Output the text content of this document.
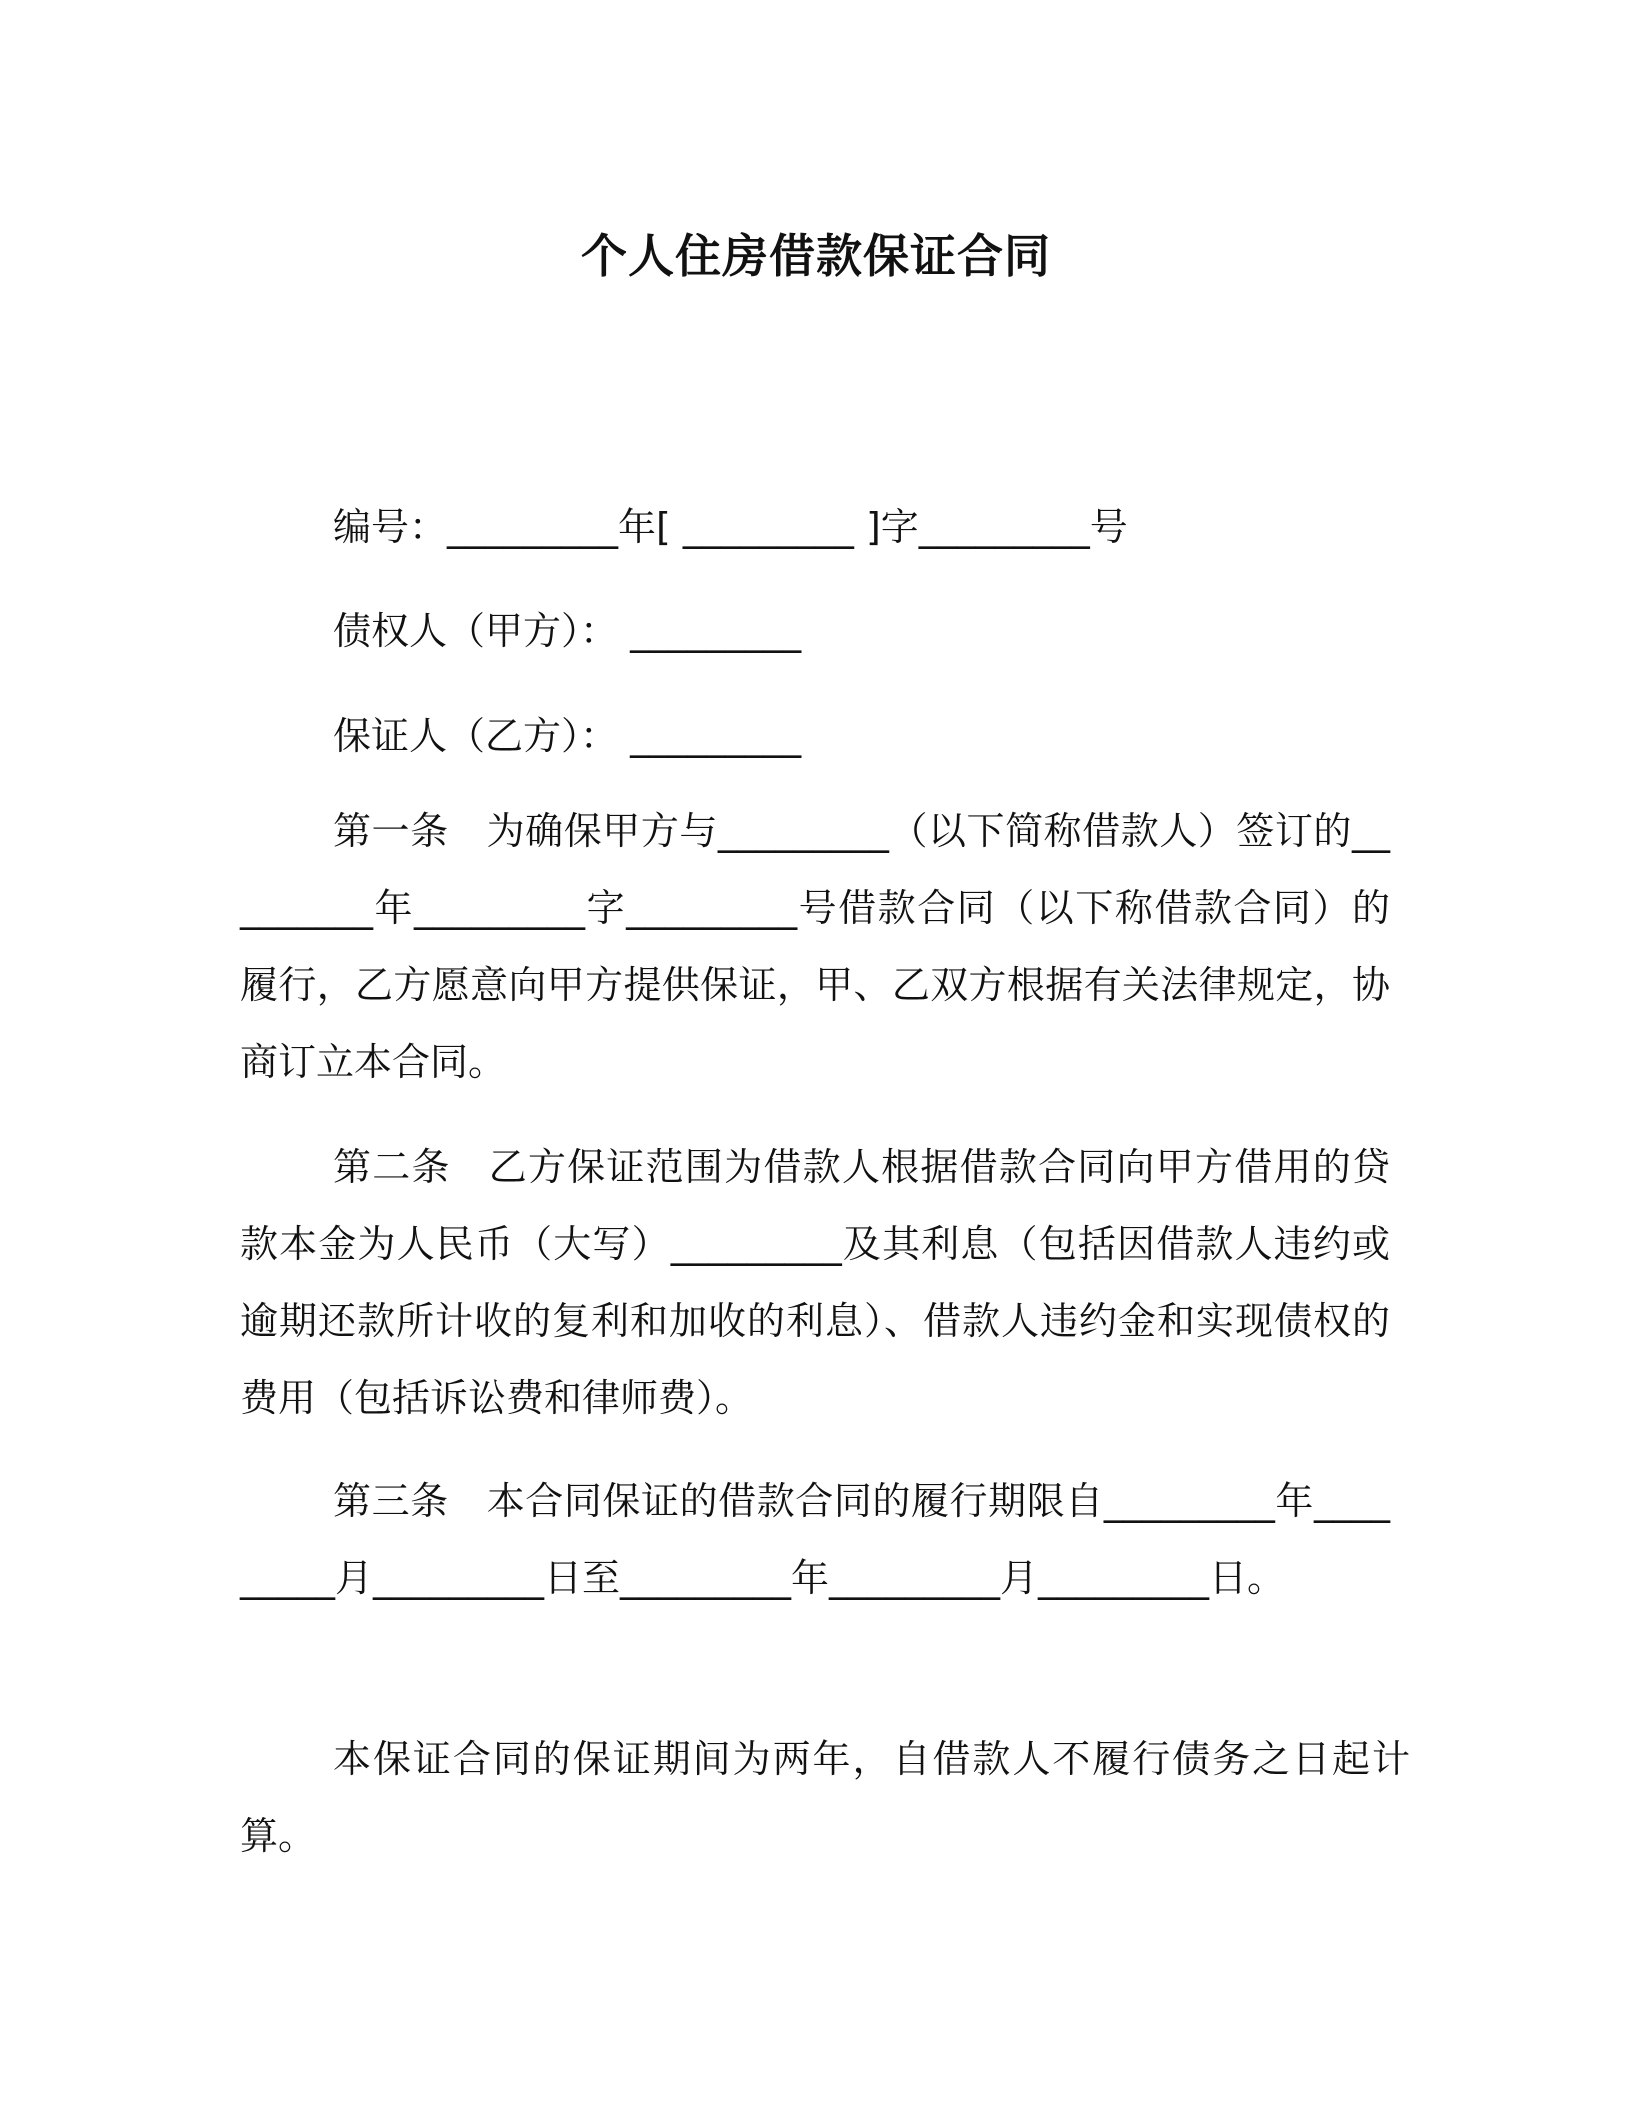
个人住房借款保证合同
编号：_________年[ _________ ]字_________号
债权人（甲方）： _________
保证人（乙方）： _________
第一条 为确保甲方与_________（以下简称借款人）签订的_________年_________字_________号借款合同（以下称借款合同）的履行，乙方愿意向甲方提供保证，甲、乙双方根据有关法律规定，协商订立本合同。
第二条 乙方保证范围为借款人根据借款合同向甲方借用的贷款本金为人民币（大写）_________及其利息（包括因借款人违约或逾期还款所计收的复利和加收的利息）、借款人违约金和实现债权的费用（包括诉讼费和律师费）。
第三条 本合同保证的借款合同的履行期限自_________年_________月_________日至_________年_________月_________日。
本保证合同的保证期间为两年，自借款人不履行债务之日起计算。
